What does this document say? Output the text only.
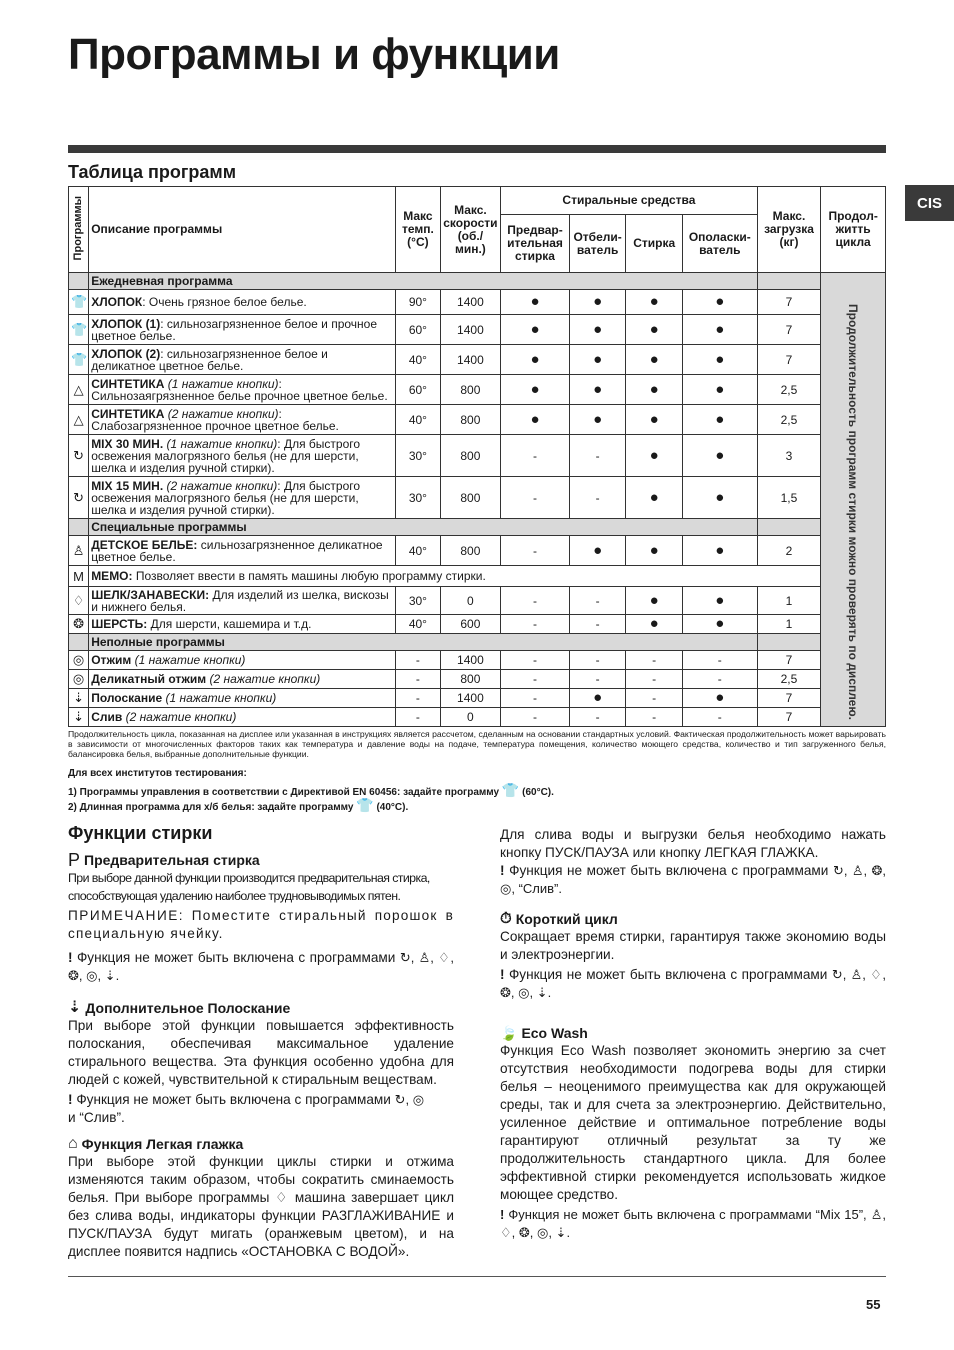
Программы и функции
CIS
Таблица программ
Программы	Описание программы	Макс темп. (°C)	Макс. скорости (об./ мин.)	Стиральные средства				Макс. загрузка (кг)	Продол-житть цикла
				Предвар-ительная стирка	Отбели-ватель	Стирка	Ополаски-ватель		
	Ежедневная программа								Продолжительность программ стирки можно проверять по дисплею.
👕	ХЛОПОК: Очень грязное белое белье.	90°	1400	●	●	●	●	7	
👕	ХЛОПОК (1): сильнозагрязненное белое и прочное цветное белье.	60°	1400	●	●	●	●	7	
👕	ХЛОПОК (2): сильнозагрязненное белое и деликатное цветное белье.	40°	1400	●	●	●	●	7	
△	СИНТЕТИКА (1 нажатие кнопки): Сильнозаягрязненное белье прочное цветное белье.	60°	800	●	●	●	●	2,5	
△	СИНТЕТИКА (2 нажатие кнопки): Слабозагрязненное прочное цветное белье.	40°	800	●	●	●	●	2,5	
↻	MIX 30 МИН. (1 нажатие кнопки): Для быстрого освежения малогрязного белья (не для шерсти, шелка и изделия ручной стирки).	30°	800	-	-	●	●	3	
↻	MIX 15 МИН. (2 нажатие кнопки): Для быстрого освежения малогрязного белья (не для шерсти, шелка и изделия ручной стирки).	30°	800	-	-	●	●	1,5	
	Специальные программы								
♙	ДЕТСКОЕ БЕЛЬЕ: сильнозагрязненное деликатное цветное белье.	40°	800	-	●	●	●	2	
M	МЕМО: Позволяет ввести в память машины любую программу стирки.								
♢	ШЕЛК/ЗАНАВЕСКИ: Для изделий из шелка, вискозы и нижнего белья.	30°	0	-	-	●	●	1	
❂	ШЕРСТЬ: Для шерсти, кашемира и т.д.	40°	600	-	-	●	●	1	
	Неполные программы								
◎	Отжим (1 нажатие кнопки)	-	1400	-	-	-	-	7	
◎	Деликатный отжим (2 нажатие кнопки)	-	800	-	-	-	-	2,5	
⇣	Полоскание (1 нажатие кнопки)	-	1400	-	●	-	●	7	
⇣	Слив (2 нажатие кнопки)	-	0	-	-	-	-	7	

Продолжительность цикла, показанная на дисплее или указанная в инструкциях является рассчетом, сделанным на основании стандартных условий. Фактическая продолжительность может варьировать в зависимости от многочисленных факторов таких как температура и давление воды на подаче, температура помещения, количество моющего средства, количество и тип загруженного белья, балансировка белья, выбранные дополнительные функции.

Для всех институтов тестирования:

1) Программы управления в соответствии с Директивой EN 60456: задайте программу 👕 (60°C).

2) Длинная программа для х/б белья: задайте программу 👕 (40°C).

Функции стирки

P Предварительная стирка

При выборе данной функции производится предварительная стирка, способствующая удалению наиболее трудновыводимых пятен.

ПРИМЕЧАНИЕ: Поместите стиральный порошок в специальную ячейку.

! Функция не может быть включена с программами ↻, ♙, ♢, ❂, ◎, ⇣.

⇣ Дополнительное Полоскание

При выборе этой функции повышается эффективность полоскания, обеспечивая максимальное удаление стирального вещества. Эта функция особенно удобна для людей с кожей, чувствительной к стиральным веществам.

! Функция не может быть включена с программами ↻, ◎
и “Слив”.

⌂ Функция Легкая глажка

При выборе этой функции циклы стирки и отжима изменяются таким образом, чтобы сократить сминаемость белья. При выборе программы ♢ машина завершает цикл без слива воды, индикаторы функции РАЗГЛАЖИВАНИЕ и ПУСК/ПАУЗА будут мигать (оранжевым цветом), и на дисплее появится надпись «ОСТАНОВКА С ВОДОЙ».

Для слива воды и выгрузки белья необходимо нажать кнопку ПУСК/ПАУЗА или кнопку ЛЕГКАЯ ГЛАЖКА.

! Функция не может быть включена с программами ↻, ♙, ❂, ◎, “Слив”.

⏱ Короткий цикл

Сокращает время стирки, гарантируя также экономию воды и электроэнергии.

! Функция не может быть включена с программами ↻, ♙, ♢, ❂, ◎, ⇣.

🍃 Eco Wash

Функция Eco Wash позволяет экономить энергию за счет отсутствия необходимости подогрева воды для стирки белья – неоценимого преимущества как для окружающей среды, так и для счета за электроэнергию. Действительно, усиленное действие и оптимальное потребление воды гарантируют отличный результат за ту же продолжительность стандартного цикла. Для более эффективной стирки рекомендуется использовать жидкое моющее средство.

! Функция не может быть включена с программами “Mix 15”, ♙, ♢, ❂, ◎, ⇣.

55
